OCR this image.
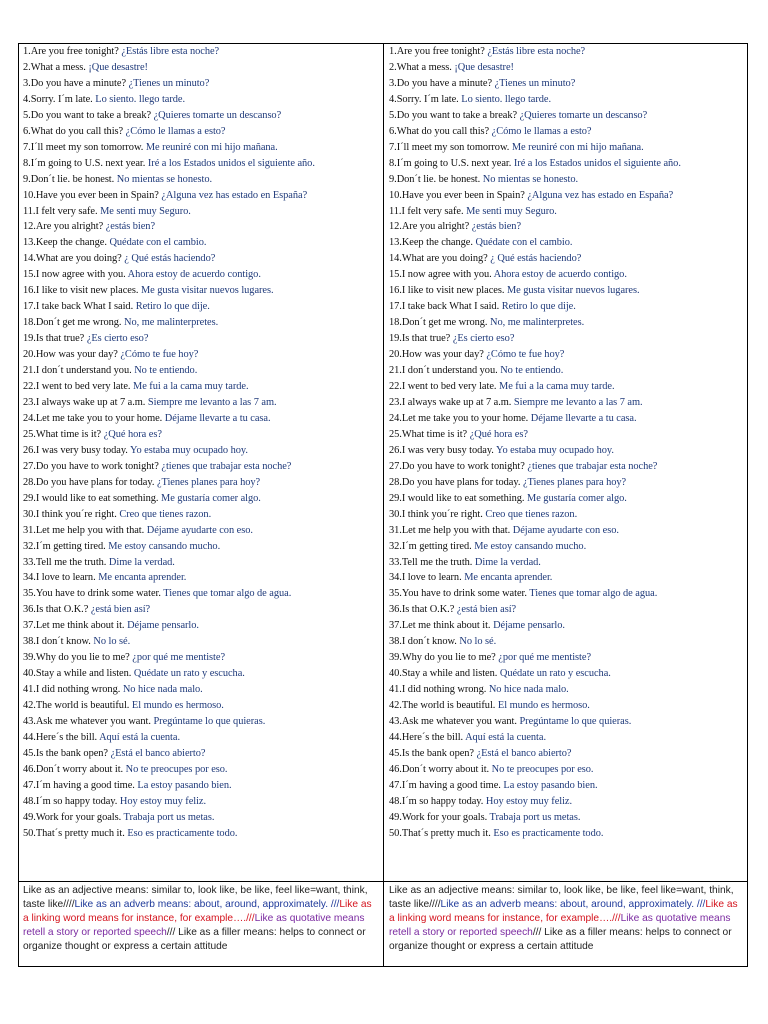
1.Are you free tonight? ¿Estás libre esta noche?
2.What a mess. ¡Que desastre!
3.Do you have a minute? ¿Tienes un minuto?
4.Sorry. I´m late. Lo siento. llego tarde.
5.Do you want to take a break? ¿Quieres tomarte un descanso?
6.What do you call this? ¿Cómo le llamas a esto?
7.I´ll meet my son tomorrow. Me reuniré con mi hijo mañana.
8.I´m going to U.S. next year. Iré a los Estados unidos el siguiente año.
9.Don´t lie. be honest. No mientas se honesto.
10.Have you ever been in Spain? ¿Alguna vez has estado en España?
11.I felt very safe. Me senti muy Seguro.
12.Are you alright? ¿estás bien?
13.Keep the change. Quédate con el cambio.
14.What are you doing? ¿ Qué estás haciendo?
15.I now agree with you. Ahora estoy de acuerdo contigo.
16.I like to visit new places. Me gusta visitar nuevos lugares.
17.I take back What I said. Retiro lo que dije.
18.Don´t get me wrong. No, me malinterpretes.
19.Is that true? ¿Es cierto eso?
20.How was your day? ¿Cómo te fue hoy?
21.I don´t understand you. No te entiendo.
22.I went to bed very late. Me fui a la cama muy tarde.
23.I always wake up at 7 a.m. Siempre me levanto a las 7 am.
24.Let me take you to your home. Déjame llevarte a tu casa.
25.What time is it? ¿Qué hora es?
26.I was very busy today. Yo estaba muy ocupado hoy.
27.Do you have to work tonight? ¿tienes que trabajar esta noche?
28.Do you have plans for today. ¿Tienes planes para hoy?
29.I would like to eat something. Me gustaría comer algo.
30.I think you´re right. Creo que tienes razon.
31.Let me help you with that. Déjame ayudarte con eso.
32.I´m getting tired. Me estoy cansando mucho.
33.Tell me the truth. Dime la verdad.
34.I love to learn. Me encanta aprender.
35.You have to drink some water. Tienes que tomar algo de agua.
36.Is that O.K.? ¿está bien así?
37.Let me think about it. Déjame pensarlo.
38.I don´t know. No lo sé.
39.Why do you lie to me? ¿por qué me mentiste?
40.Stay a while and listen. Quédate un rato y escucha.
41.I did nothing wrong. No hice nada malo.
42.The world is beautiful. El mundo es hermoso.
43.Ask me whatever you want. Pregúntame lo que quieras.
44.Here´s the bill. Aquí está la cuenta.
45.Is the bank open? ¿Está el banco abierto?
46.Don´t worry about it. No te preocupes por eso.
47.I´m having a good time. La estoy pasando bien.
48.I´m so happy today. Hoy estoy muy feliz.
49.Work for your goals. Trabaja port us metas.
50.That´s pretty much it. Eso es practicamente todo.
1.Are you free tonight? ¿Estás libre esta noche?
2.What a mess. ¡Que desastre!
3.Do you have a minute? ¿Tienes un minuto?
4.Sorry. I´m late. Lo siento. llego tarde.
5.Do you want to take a break? ¿Quieres tomarte un descanso?
6.What do you call this? ¿Cómo le llamas a esto?
7.I´ll meet my son tomorrow. Me reuniré con mi hijo mañana.
8.I´m going to U.S. next year. Iré a los Estados unidos el siguiente año.
9.Don´t lie. be honest. No mientas se honesto.
10.Have you ever been in Spain? ¿Alguna vez has estado en España?
11.I felt very safe. Me senti muy Seguro.
12.Are you alright? ¿estás bien?
13.Keep the change. Quédate con el cambio.
14.What are you doing? ¿ Qué estás haciendo?
15.I now agree with you. Ahora estoy de acuerdo contigo.
16.I like to visit new places. Me gusta visitar nuevos lugares.
17.I take back What I said. Retiro lo que dije.
18.Don´t get me wrong. No, me malinterpretes.
19.Is that true? ¿Es cierto eso?
20.How was your day? ¿Cómo te fue hoy?
21.I don´t understand you. No te entiendo.
22.I went to bed very late. Me fui a la cama muy tarde.
23.I always wake up at 7 a.m. Siempre me levanto a las 7 am.
24.Let me take you to your home. Déjame llevarte a tu casa.
25.What time is it? ¿Qué hora es?
26.I was very busy today. Yo estaba muy ocupado hoy.
27.Do you have to work tonight? ¿tienes que trabajar esta noche?
28.Do you have plans for today. ¿Tienes planes para hoy?
29.I would like to eat something. Me gustaría comer algo.
30.I think you´re right. Creo que tienes razon.
31.Let me help you with that. Déjame ayudarte con eso.
32.I´m getting tired. Me estoy cansando mucho.
33.Tell me the truth. Dime la verdad.
34.I love to learn. Me encanta aprender.
35.You have to drink some water. Tienes que tomar algo de agua.
36.Is that O.K.? ¿está bien así?
37.Let me think about it. Déjame pensarlo.
38.I don´t know. No lo sé.
39.Why do you lie to me? ¿por qué me mentiste?
40.Stay a while and listen. Quédate un rato y escucha.
41.I did nothing wrong. No hice nada malo.
42.The world is beautiful. El mundo es hermoso.
43.Ask me whatever you want. Pregúntame lo que quieras.
44.Here´s the bill. Aquí está la cuenta.
45.Is the bank open? ¿Está el banco abierto?
46.Don´t worry about it. No te preocupes por eso.
47.I´m having a good time. La estoy pasando bien.
48.I´m so happy today. Hoy estoy muy feliz.
49.Work for your goals. Trabaja port us metas.
50.That´s pretty much it. Eso es practicamente todo.
Like as an adjective means: similar to, look like, be like, feel like=want, think, taste like////Like as an adverb means: about, around, approximately. ///Like as a linking word means for instance, for example….///Like as quotative means retell a story or reported speech/// Like as a filler means: helps to connect or organize thought or express a certain attitude
Like as an adjective means: similar to, look like, be like, feel like=want, think, taste like////Like as an adverb means: about, around, approximately. ///Like as a linking word means for instance, for example….///Like as quotative means retell a story or reported speech/// Like as a filler means: helps to connect or organize thought or express a certain attitude
